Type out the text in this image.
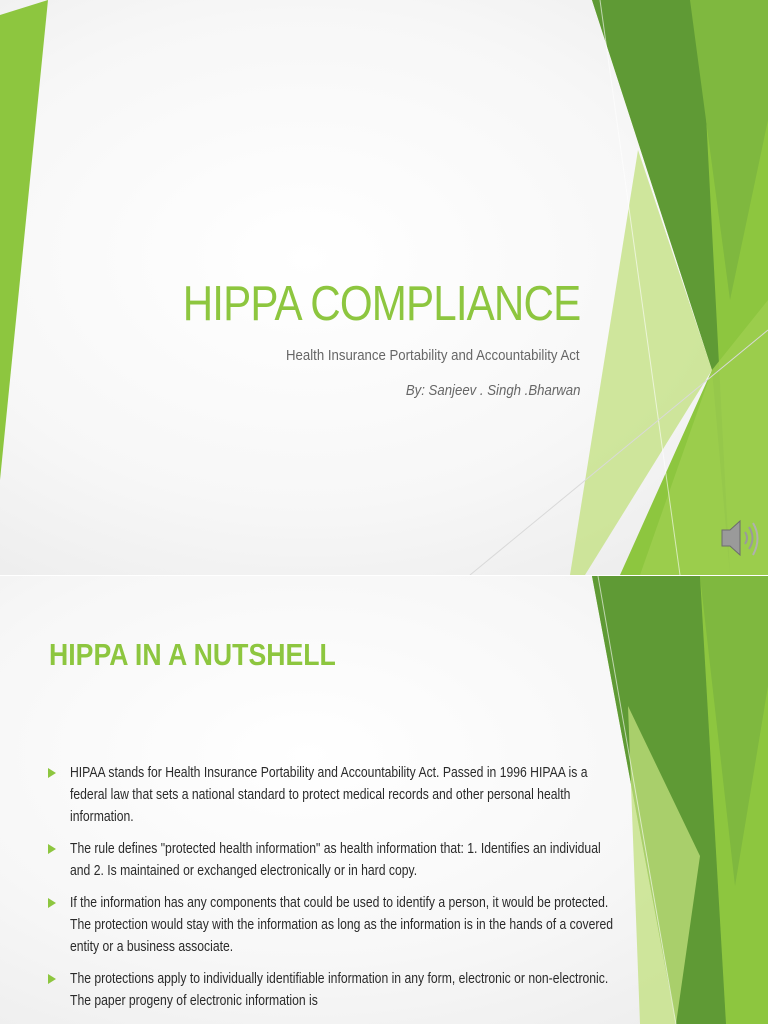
HIPPA COMPLIANCE
Health Insurance Portability and Accountability Act
By: Sanjeev . Singh .Bharwan
HIPPA IN A NUTSHELL
HIPAA stands for Health Insurance Portability and Accountability Act. Passed in 1996 HIPAA is a federal law that sets a national standard to protect medical records and other personal health information.
The rule defines "protected health information" as health information that: 1. Identifies an individual and 2. Is maintained or exchanged electronically or in hard copy.
If the information has any components that could be used to identify a person, it would be protected. The protection would stay with the information as long as the information is in the hands of a covered entity or a business associate.
The protections apply to individually identifiable information in any form, electronic or non-electronic. The paper progeny of electronic information is
